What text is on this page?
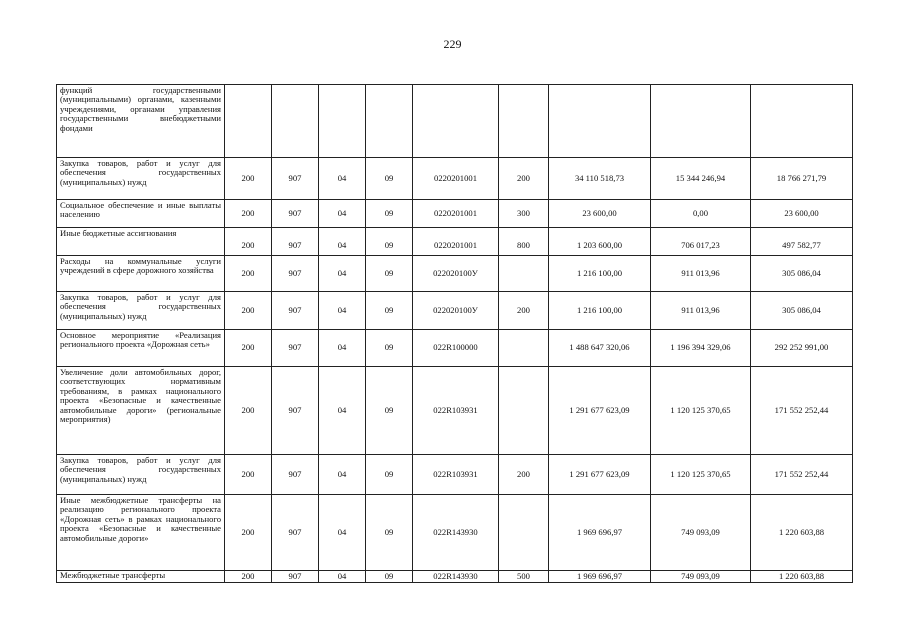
229
функций государственными (муниципальными) органами, казенными учреждениями, органами управления государственными внебюджетными фондами									
Закупка товаров, работ и услуг для обеспечения государственных (муниципальных) нужд	200	907	04	09	0220201001	200	34 110 518,73	15 344 246,94	18 766 271,79
Социальное обеспечение и иные выплаты населению	200	907	04	09	0220201001	300	23 600,00	0,00	23 600,00
Иные бюджетные ассигнования	200	907	04	09	0220201001	800	1 203 600,00	706 017,23	497 582,77
Расходы на коммунальные услуги учреждений в сфере дорожного хозяйства	200	907	04	09	022020100У		1 216 100,00	911 013,96	305 086,04
Закупка товаров, работ и услуг для обеспечения государственных (муниципальных) нужд	200	907	04	09	022020100У	200	1 216 100,00	911 013,96	305 086,04
Основное мероприятие «Реализация регионального проекта «Дорожная сеть»	200	907	04	09	022R100000		1 488 647 320,06	1 196 394 329,06	292 252 991,00
Увеличение доли автомобильных дорог, соответствующих нормативным требованиям, в рамках национального проекта «Безопасные и качественные автомобильные дороги» (региональные мероприятия)	200	907	04	09	022R103931		1 291 677 623,09	1 120 125 370,65	171 552 252,44
Закупка товаров, работ и услуг для обеспечения государственных (муниципальных) нужд	200	907	04	09	022R103931	200	1 291 677 623,09	1 120 125 370,65	171 552 252,44
Иные межбюджетные трансферты на реализацию регионального проекта «Дорожная сеть» в рамках национального проекта «Безопасные и качественные автомобильные дороги»	200	907	04	09	022R143930		1 969 696,97	749 093,09	1 220 603,88
Межбюджетные трансферты	200	907	04	09	022R143930	500	1 969 696,97	749 093,09	1 220 603,88
